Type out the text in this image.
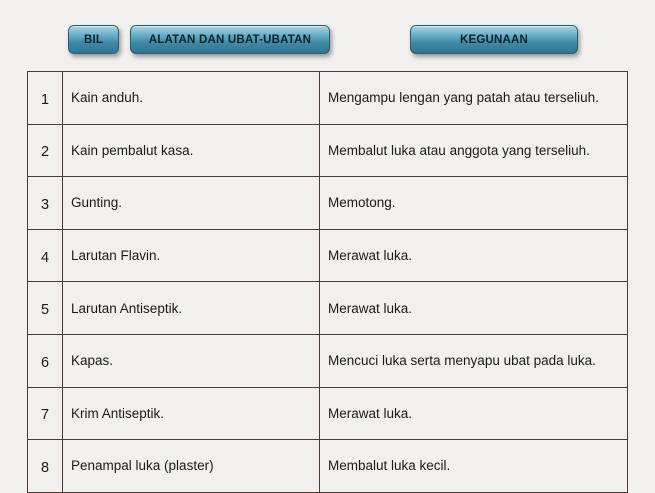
BIL	ALATAN DAN UBAT-UBATAN	KEGUNAAN
1	Kain anduh.	Mengampu lengan yang patah atau terseliuh.
2	Kain pembalut kasa.	Membalut luka atau anggota yang terseliuh.
3	Gunting.	Memotong.
4	Larutan Flavin.	Merawat luka.
5	Larutan Antiseptik.	Merawat luka.
6	Kapas.	Mencuci luka serta menyapu ubat pada luka.
7	Krim Antiseptik.	Merawat luka.
8	Penampal luka (plaster)	Membalut luka kecil.
